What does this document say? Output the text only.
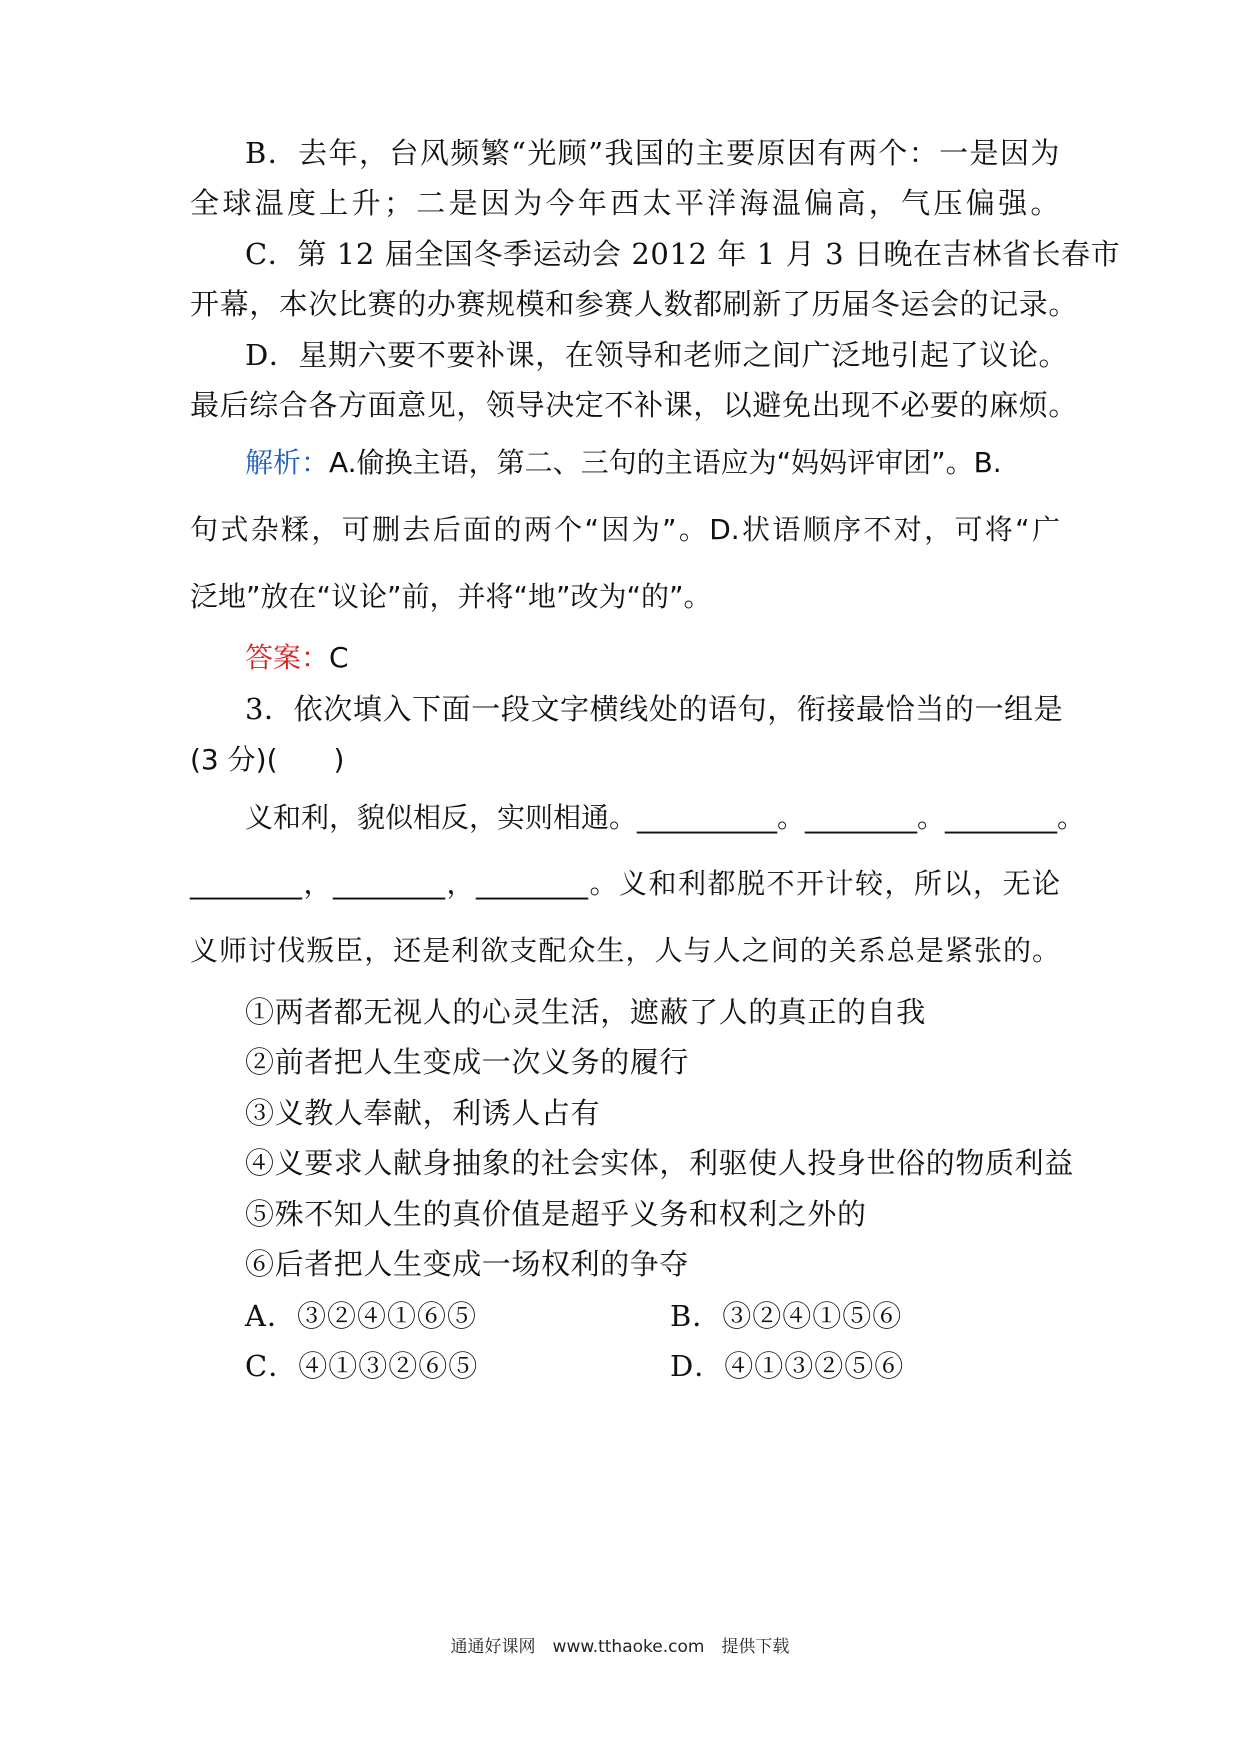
B．去年，台风频繁“光顾”我国的主要原因有两个：一是因为
全球温度上升；二是因为今年西太平洋海温偏高，气压偏强。
C．第 12 届全国冬季运动会 2012 年 1 月 3 日晚在吉林省长春市
开幕，本次比赛的办赛规模和参赛人数都刷新了历届冬运会的记录。
D．星期六要不要补课，在领导和老师之间广泛地引起了议论。
最后综合各方面意见，领导决定不补课，以避免出现不必要的麻烦。
解析：A.偷换主语，第二、三句的主语应为“妈妈评审团”。B.
句式杂糅，可删去后面的两个“因为”。D.状语顺序不对，可将“广
泛地”放在“议论”前，并将“地”改为“的”。
答案：C
3．依次填入下面一段文字横线处的语句，衔接最恰当的一组是
(3 分)(　　)
义和利，貌似相反，实则相通。__________。________。________。
________，________，________。义和利都脱不开计较，所以，无论
义师讨伐叛臣，还是利欲支配众生，人与人之间的关系总是紧张的。
①两者都无视人的心灵生活，遮蔽了人的真正的自我
②前者把人生变成一次义务的履行
③义教人奉献，利诱人占有
④义要求人献身抽象的社会实体，利驱使人投身世俗的物质利益
⑤殊不知人生的真价值是超乎义务和权利之外的
⑥后者把人生变成一场权利的争夺
A．③②④①⑥⑤	B．③②④①⑤⑥
C．④①③②⑥⑤	D．④①③②⑤⑥
通通好课网　www.tthaoke.com　提供下载
